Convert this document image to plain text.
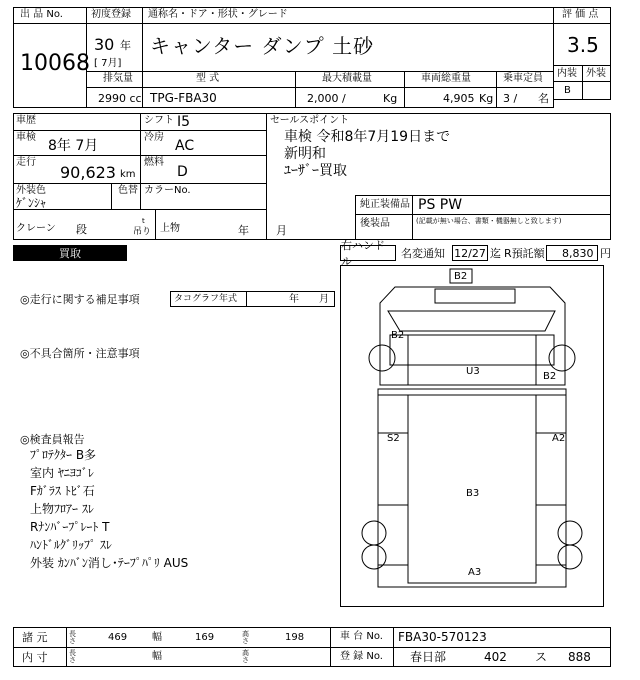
出 品 No.
10068
初度登録 通称名・ドア・形状・グレード
30 年
[ 7月]
キャンター ダンプ 土砂
排気量	型 式	最大積載量	車両総重量	乗車定員
2990 cc TPG-FBA30	2,000 /	Kg	4,905 Kg 3 / 名
評 価 点
3.5
内装 外装
B
車歴	シフト I5
車検
8年 7月
冷房
AC
走行
90,623 km
燃料
D
外装色
ｹﾞﾝｼｬ
色替 カラーNo.
セールスポイント
車検 令和8年7月19日まで
新明和
ﾕｰｻﾞｰ買取
純正装備品 PS PW
後装品	(記載が無い場合、書類・機器無しと致します)
クレーン 段
t
吊り 上物	年 月
買取
右ハンドル
名変通知 12/27 迄 R預託額 8,830 円
◎走行に関する補足事項	タコグラフ年式	年 月
◎不具合箇所・注意事項
◎検査員報告
ﾌﾟﾛﾃｸﾀｰ B多
室内 ﾔﾆﾖｺﾞﾚ
Fｶﾞﾗｽ ﾄﾋﾞ石
上物ﾌﾛｱｰ ｽﾚ
Rﾅﾝﾊﾞｰﾌﾟﾚｰﾄ T
ﾊﾝﾄﾞﾙｸﾞﾘｯﾌﾟ ｽﾚ
外装 ｶﾝﾊﾞﾝ消し･ﾃｰﾌﾟﾊﾟﾘ AUS
B2
B2
U3	B2
S2	A2
B3
A3
諸 元	長さ	469 幅	169	高さ	198	車 台 No. FBA30-570123
内 寸	長さ	幅	高さ	登 録 No. 春日部	402 ス 888
